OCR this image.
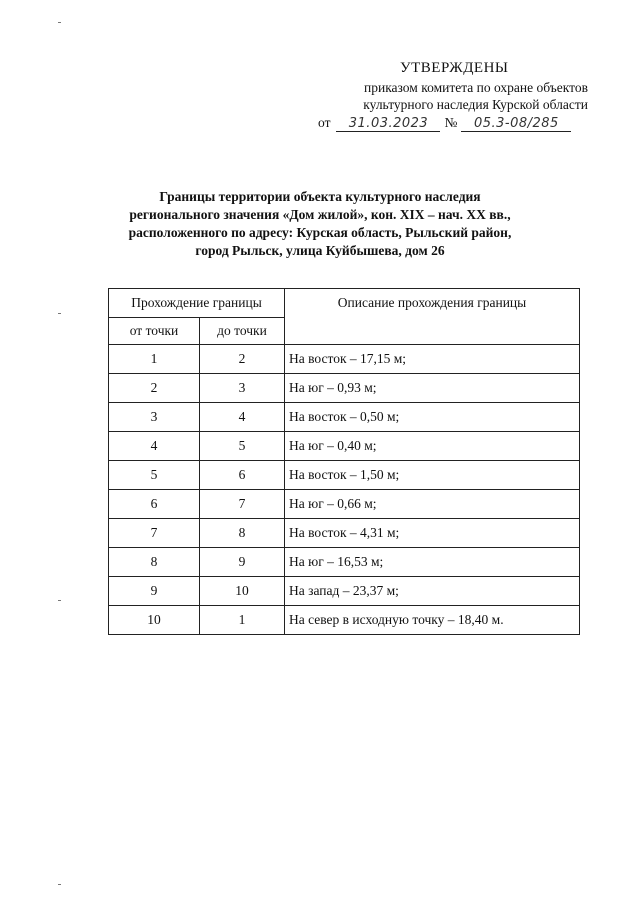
УТВЕРЖДЕНЫ
приказом комитета по охране объектов
культурного наследия Курской области
от	31.03.2023	№	05.3-08/285
Границы территории объекта культурного наследия
регионального значения «Дом жилой», кон. XIX – нач. XX вв.,
расположенного по адресу: Курская область, Рыльский район,
город Рыльск, улица Куйбышева, дом 26
Прохождение границы		Описание прохождения границы
от точки	до точки	
1	2	На восток – 17,15 м;
2	3	На юг – 0,93 м;
3	4	На восток – 0,50 м;
4	5	На юг – 0,40 м;
5	6	На восток – 1,50 м;
6	7	На юг – 0,66 м;
7	8	На восток – 4,31 м;
8	9	На юг – 16,53 м;
9	10	На запад – 23,37 м;
10	1	На север в исходную точку – 18,40 м.
